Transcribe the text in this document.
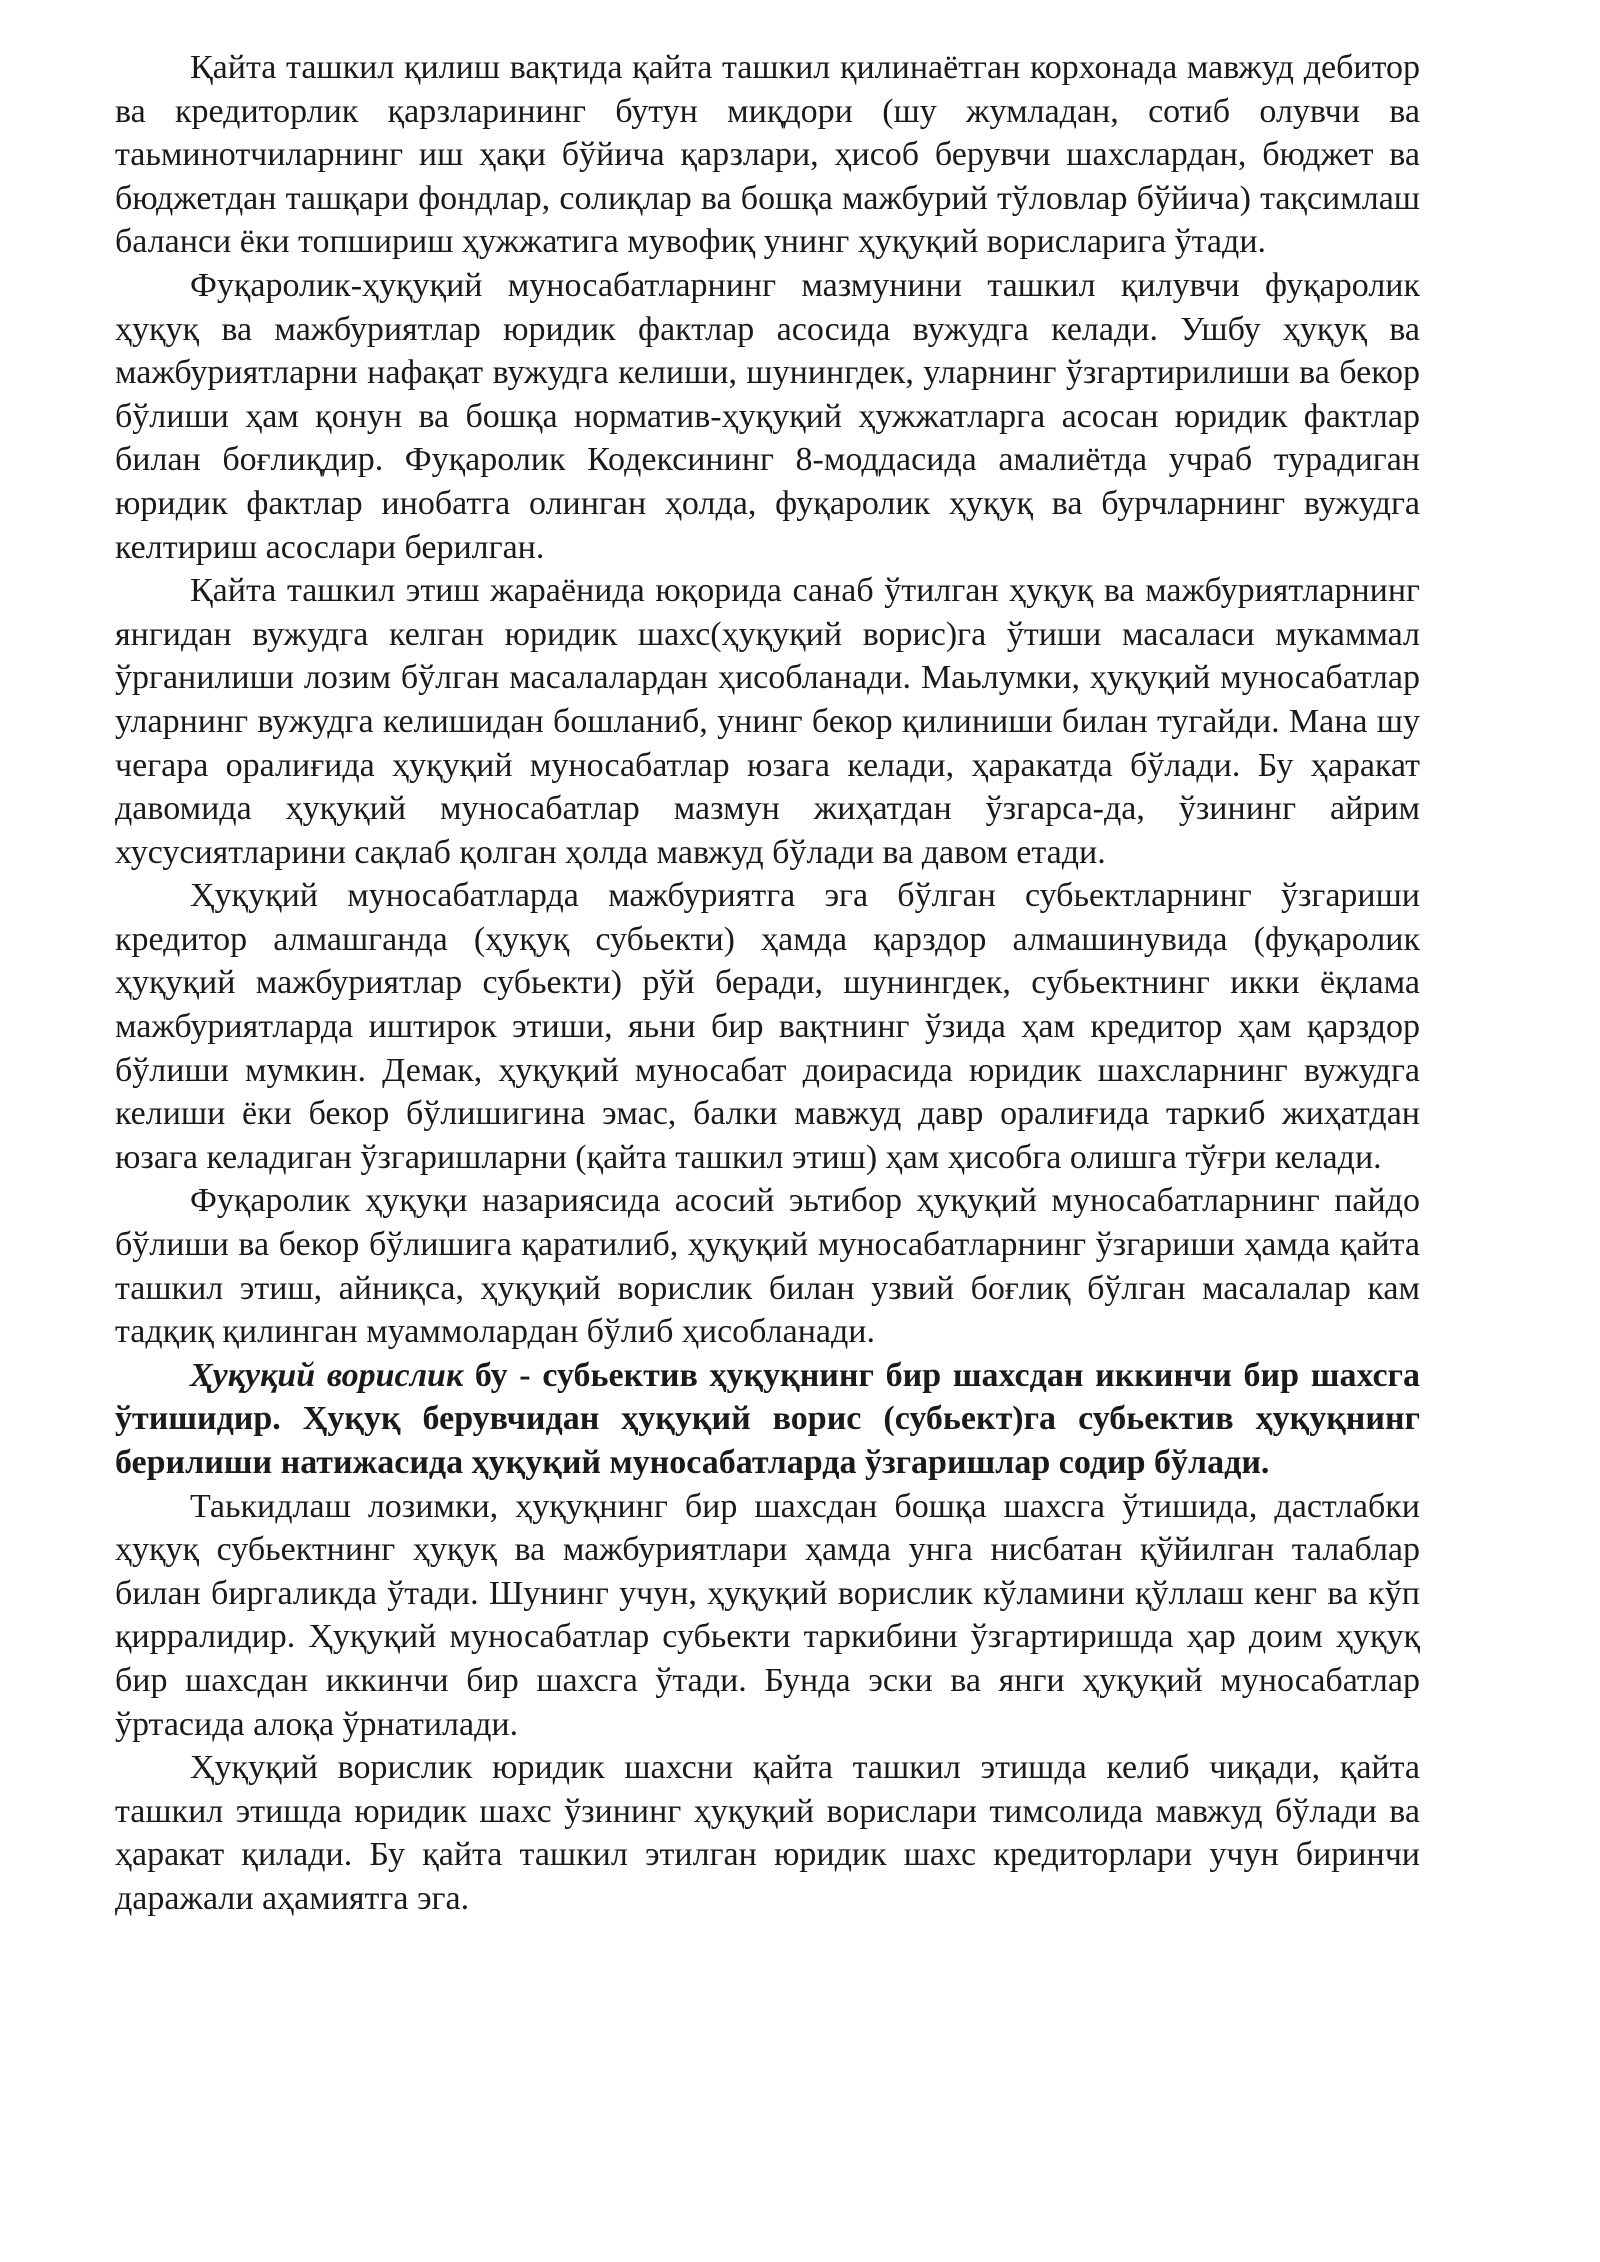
Қайта ташкил қилиш вақтида қайта ташкил қилинаётган корхонада мавжуд дебитор ва кредиторлик қарзларининг бутун миқдори (шу жумладан, сотиб олувчи ва таьминотчиларнинг иш ҳақи бўйича қарзлари, ҳисоб берувчи шахслардан, бюджет ва бюджетдан ташқари фондлар, солиқлар ва бошқа мажбурий тўловлар бўйича) тақсимлаш баланси ёки топшириш ҳужжатига мувофиқ унинг ҳуқуқий ворисларига ўтади.

Фуқаролик-ҳуқуқий муносабатларнинг мазмунини ташкил қилувчи фуқаролик ҳуқуқ ва мажбуриятлар юридик фактлар асосида вужудга келади. Ушбу ҳуқуқ ва мажбуриятларни нафақат вужудга келиши, шунингдек, уларнинг ўзгартирилиши ва бекор бўлиши ҳам қонун ва бошқа норматив-ҳуқуқий ҳужжатларга асосан юридик фактлар билан боғлиқдир. Фуқаролик Кодексининг 8-моддасида амалиётда учраб турадиган юридик фактлар инобатга олинган ҳолда, фуқаролик ҳуқуқ ва бурчларнинг вужудга келтириш асослари берилган.

Қайта ташкил этиш жараёнида юқорида санаб ўтилган ҳуқуқ ва мажбуриятларнинг янгидан вужудга келган юридик шахс(ҳуқуқий ворис)га ўтиши масаласи мукаммал ўрганилиши лозим бўлган масалалардан ҳисобланади. Маьлумки, ҳуқуқий муносабатлар уларнинг вужудга келишидан бошланиб, унинг бекор қилиниши билан тугайди. Мана шу чегара оралиғида ҳуқуқий муносабатлар юзага келади, ҳаракатда бўлади. Бу ҳаракат давомида ҳуқуқий муносабатлар мазмун жиҳатдан ўзгарса-да, ўзининг айрим хусусиятларини сақлаб қолган ҳолда мавжуд бўлади ва давом етади.

Ҳуқуқий муносабатларда мажбуриятга эга бўлган субьектларнинг ўзгариши кредитор алмашганда (ҳуқуқ субьекти) ҳамда қарздор алмашинувида (фуқаролик ҳуқуқий мажбуриятлар субьекти) рўй беради, шунингдек, субьектнинг икки ёқлама мажбуриятларда иштирок этиши, яьни бир вақтнинг ўзида ҳам кредитор ҳам қарздор бўлиши мумкин. Демак, ҳуқуқий муносабат доирасида юридик шахсларнинг вужудга келиши ёки бекор бўлишигина эмас, балки мавжуд давр оралиғида таркиб жиҳатдан юзага келадиган ўзгаришларни (қайта ташкил этиш) ҳам ҳисобга олишга тўғри келади.

Фуқаролик ҳуқуқи назариясида асосий эьтибор ҳуқуқий муносабатларнинг пайдо бўлиши ва бекор бўлишига қаратилиб, ҳуқуқий муносабатларнинг ўзгариши ҳамда қайта ташкил этиш, айниқса, ҳуқуқий ворислик билан узвий боғлиқ бўлган масалалар кам тадқиқ қилинган муаммолардан бўлиб ҳисобланади.

Ҳуқуқий ворислик бу - субьектив ҳуқуқнинг бир шахсдан иккинчи бир шахсга ўтишидир. Ҳуқуқ берувчидан ҳуқуқий ворис (субьект)га субьектив ҳуқуқнинг берилиши натижасида ҳуқуқий муносабатларда ўзгаришлар содир бўлади.

Таькидлаш лозимки, ҳуқуқнинг бир шахсдан бошқа шахсга ўтишида, дастлабки ҳуқуқ субьектнинг ҳуқуқ ва мажбуриятлари ҳамда унга нисбатан қўйилган талаблар билан биргаликда ўтади. Шунинг учун, ҳуқуқий ворислик кўламини қўллаш кенг ва кўп қирралидир. Ҳуқуқий муносабатлар субьекти таркибини ўзгартиришда ҳар доим ҳуқуқ бир шахсдан иккинчи бир шахсга ўтади. Бунда эски ва янги ҳуқуқий муносабатлар ўртасида алоқа ўрнатилади.

Ҳуқуқий ворислик юридик шахсни қайта ташкил этишда келиб чиқади, қайта ташкил этишда юридик шахс ўзининг ҳуқуқий ворислари тимсолида мавжуд бўлади ва ҳаракат қилади. Бу қайта ташкил этилган юридик шахс кредиторлари учун биринчи даражали аҳамиятга эга.
